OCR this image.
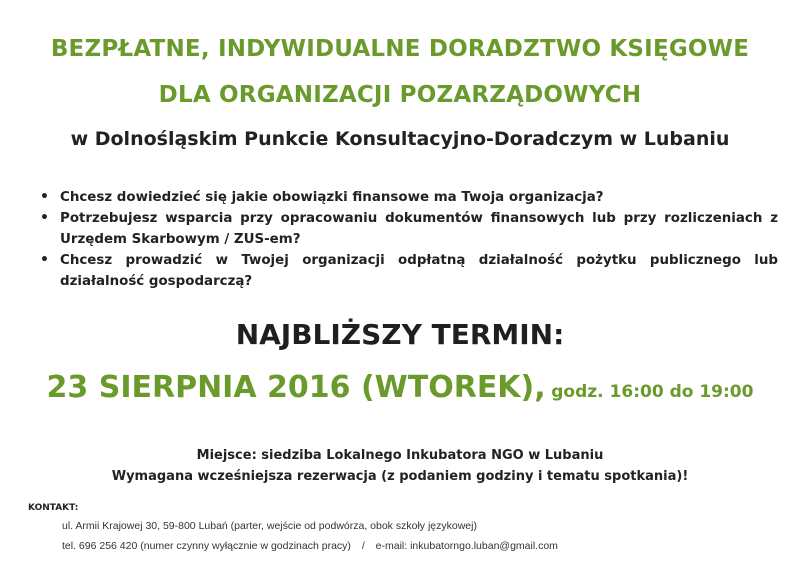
BEZPŁATNE, INDYWIDUALNE DORADZTWO KSIĘGOWE
DLA ORGANIZACJI POZARZĄDOWYCH
w Dolnośląskim Punkcie Konsultacyjno-Doradczym w Lubaniu
• Chcesz dowiedzieć się jakie obowiązki finansowe ma Twoja organizacja?
• Potrzebujesz wsparcia przy opracowaniu dokumentów finansowych lub przy rozliczeniach z Urzędem Skarbowym / ZUS-em?
• Chcesz prowadzić w Twojej organizacji odpłatną działalność pożytku publicznego lub działalność gospodarczą?
NAJBLIŻSZY TERMIN:
23 SIERPNIA 2016 (WTOREK), godz. 16:00 do 19:00
Miejsce: siedziba Lokalnego Inkubatora NGO w Lubaniu
Wymagana wcześniejsza rezerwacja (z podaniem godziny i tematu spotkania)!
KONTAKT:
ul. Armii Krajowej 30, 59-800 Lubań (parter, wejście od podwórza, obok szkoły językowej)
tel. 696 256 420 (numer czynny wyłącznie w godzinach pracy) / e-mail: inkubatorngo.luban@gmail.com
